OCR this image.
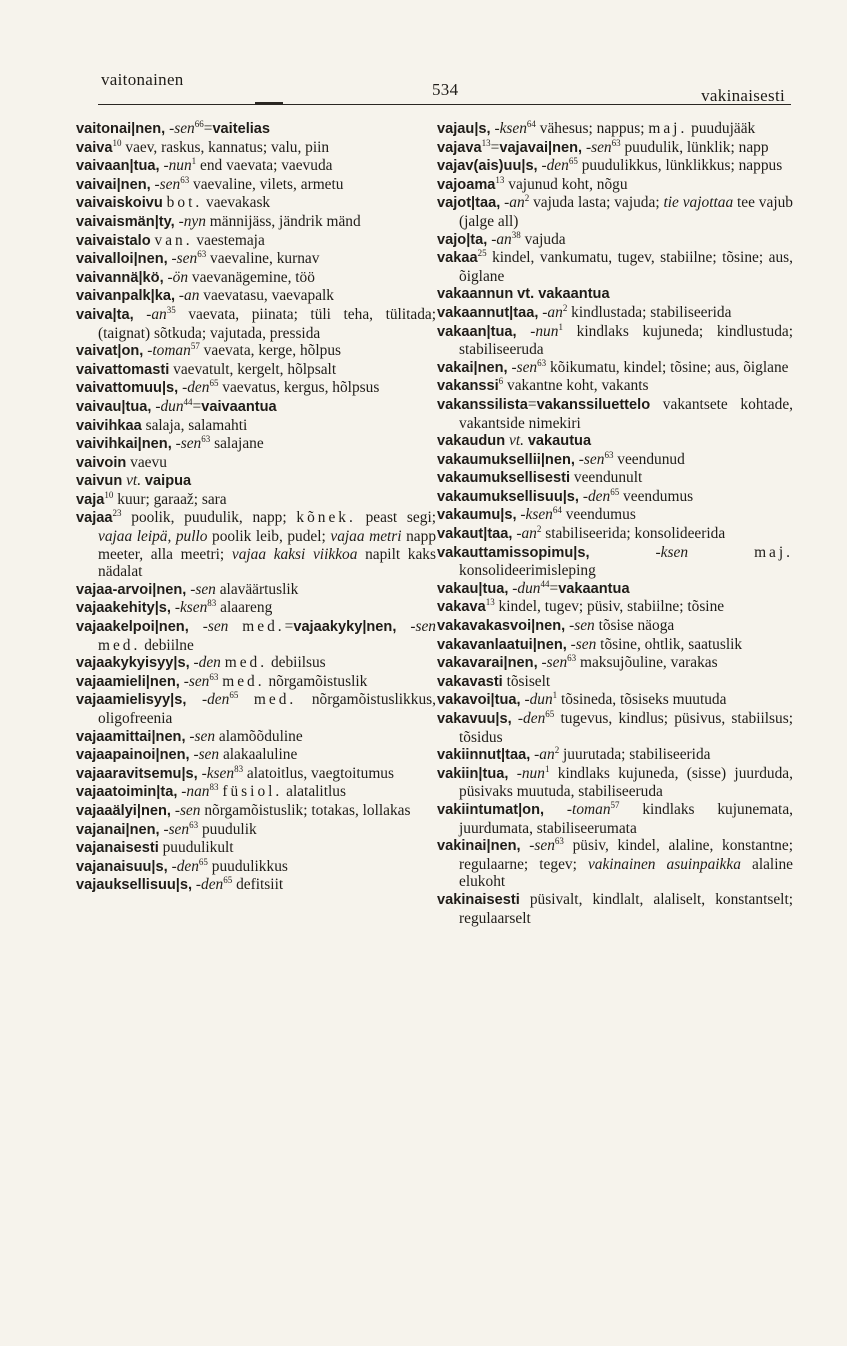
vaitonainen
534	vakinaisesti

vaitonai|nen, -sen$^{66}$=vaitelias

vaiva$^{10}$ vaev, raskus, kannatus; valu, piin

vaivaan|tua, -nun$^1$ end vaevata; vaevuda

vaivai|nen, -sen$^{63}$ vaevaline, vilets, armetu

vaivaiskoivu bot. vaevakask

vaivaismän|ty, -nyn männijäss, jändrik mänd

vaivaistalo van. vaestemaja

vaivalloi|nen, -sen$^{63}$ vaevaline, kurnav

vaivannä|kö, -ön vaevanägemine, töö

vaivanpalk|ka, -an vaevatasu, vaevapalk

vaiva|ta, $-an^{35}$ vaevata, piinata; tüli teha, tülitada; (taignat) sõtkuda; vajutada, pressida

vaivat|on, -toman$^{57}$ vaevata, kerge, hõlpus

vaivattomasti vaevatult, kergelt, hõlpsalt

vaivattomuu|s, -den$^{65}$ vaevatus, kergus, hõlpsus

vaivau|tua, -dun$^{44}$=vaivaantua

vaivihkaa salaja, salamahti

vaivihkai|nen, -sen$^{63}$ salajane

vaivoin vaevu

vaivun vt. vaipua

vaja$^{10}$ kuur; garaaž; sara

vajaa$^{23}$ poolik, puudulik, napp; kõnek. peast segi; vajaa leipä, pullo poolik leib, pudel; vajaa metri napp meeter, alla meetri; vajaa kaksi viikkoa napilt kaks nädalat

vajaa-arvoi|nen, -sen alaväärtuslik

vajaakehity|s, -ksen$^{83}$ alaareng

vajaakelpoi|nen, -sen med.=vajaakyky|nen, -sen med. debiilne

vajaakykyisyy|s, -den med. debiilsus

vajaamieli|nen, -sen$^{63}$ med. nõrgamõistuslik

vajaamielisyy|s, -den$^{65}$ med. nõrgamõistuslikkus, oligofreenia

vajaamittai|nen, -sen alamõõduline

vajaapainoi|nen, -sen alakaaluline

vajaaravitsemu|s, -ksen$^{83}$ alatoitlus, vaegtoitumus

vajaatoimin|ta, -nan$^{83}$ füsiol. alatalitlus

vajaaälyi|nen, -sen nõrgamõistuslik; totakas, lollakas

vajanai|nen, -sen$^{63}$ puudulik

vajanaisesti puudulikult

vajanaisuu|s, -den$^{65}$ puudulikkus

vajauksellisuu|s, -den$^{65}$ defitsiit

vajau|s, -ksen$^{64}$ vähesus; nappus; maj. puudujääk

vajava$^{13}$=vajavai|nen, -sen$^{63}$ puudulik, lünklik; napp

vajav(ais)uu|s, -den$^{65}$ puudulikkus, lünklikkus; nappus

vajoama$^{13}$ vajunud koht, nõgu

vajot|taa, $-an^2$ vajuda lasta; vajuda; tie vajottaa tee vajub (jalge all)

vajo|ta, $-an^{38}$ vajuda

vakaa$^{25}$ kindel, vankumatu, tugev, stabiilne; tõsine; aus, õiglane

vakaannun vt. vakaantua

vakaannut|taa, $-an^2$ kindlustada; stabiliseerida

vakaan|tua, -nun$^1$ kindlaks kujuneda; kindlustuda; stabiliseeruda

vakai|nen, -sen$^{63}$ kõikumatu, kindel; tõsine; aus, õiglane

vakanssi$^6$ vakantne koht, vakants

vakanssilista=vakanssiluettelo vakantsete kohtade, vakantside nimekiri

vakaudun vt. vakautua

vakaumuksellii|nen, -sen$^{63}$ veendunud

vakaumuksellisesti veendunult

vakaumuksellisuu|s, -den$^{65}$ veendumus

vakaumu|s, -ksen$^{64}$ veendumus

vakaut|taa, $-an^2$ stabiliseerida; konsolideerida

vakauttamissopimu|s,	-ksen	maj. konsolideerimisleping

vakau|tua, -dun$^{44}$=vakaantua

vakava$^{13}$ kindel, tugev; püsiv, stabiilne; tõsine

vakavakasvoi|nen, -sen tõsise näoga

vakavanlaatui|nen, -sen tõsine, ohtlik, saatuslik

vakavarai|nen, -sen$^{63}$ maksujõuline, varakas

vakavasti tõsiselt

vakavoi|tua, -dun$^1$ tõsineda, tõsiseks muutuda

vakavuu|s, -den$^{65}$ tugevus, kindlus; püsivus, stabiilsus; tõsidus

vakiinnut|taa, $-an^2$ juurutada; stabiliseerida

vakiin|tua, -nun$^1$ kindlaks kujuneda, (sisse) juurduda, püsivaks muutuda, stabiliseeruda

vakiintumat|on, -toman$^{57}$ kindlaks kujunemata, juurdumata, stabiliseerumata

vakinai|nen, -sen$^{63}$ püsiv, kindel, alaline, konstantne; regulaarne; tegev; vakinainen asuinpaikka alaline elukoht

vakinaisesti püsivalt, kindlalt, alaliselt, konstantselt; regulaarselt
